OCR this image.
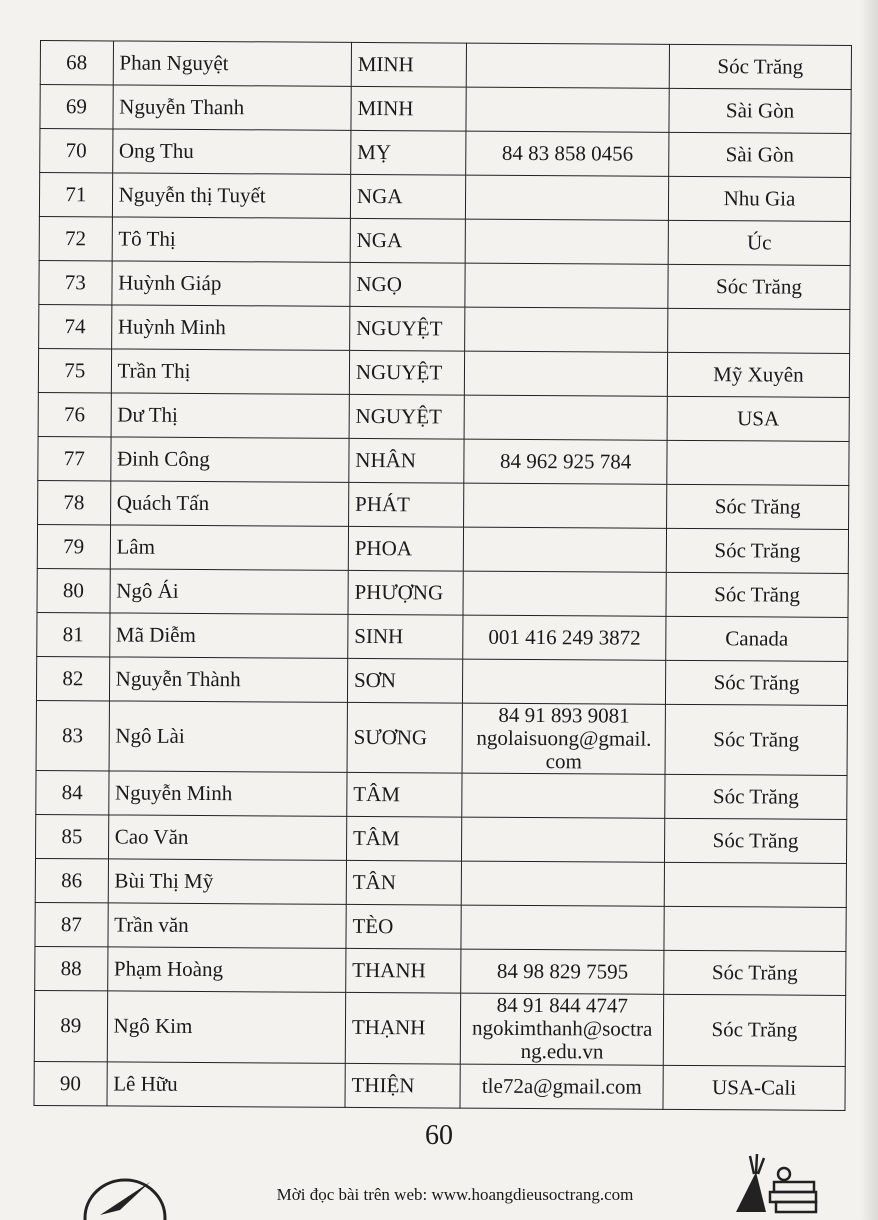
68	Phan Nguyệt	MINH		Sóc Trăng
69	Nguyễn Thanh	MINH		Sài Gòn
70	Ong Thu	MỴ	84 83 858 0456	Sài Gòn
71	Nguyễn thị Tuyết	NGA		Nhu Gia
72	Tô Thị	NGA		Úc
73	Huỳnh Giáp	NGỌ		Sóc Trăng
74	Huỳnh Minh	NGUYỆT		
75	Trần Thị	NGUYỆT		Mỹ Xuyên
76	Dư Thị	NGUYỆT		USA
77	Đinh Công	NHÂN	84 962 925 784	

78	Quách Tấn	PHÁT		Sóc Trăng
79	Lâm	PHOA		Sóc Trăng
80	Ngô Ái	PHƯỢNG		Sóc Trăng
81	Mã Diễm	SINH	001 416 249 3872	Canada
82	Nguyễn Thành	SƠN		Sóc Trăng
83	Ngô Lài	SƯƠNG	84 91 893 9081
ngolaisuong@gmail.
com	Sóc Trăng
84	Nguyễn Minh	TÂM		Sóc Trăng
85	Cao Văn	TÂM		Sóc Trăng
86	Bùi Thị Mỹ	TÂN		
87	Trần văn	TÈO		
88	Phạm Hoàng	THANH	84 98 829 7595	Sóc Trăng
89	Ngô Kim	THẠNH	84 91 844 4747
ngokimthanh@soctra
ng.edu.vn	Sóc Trăng
90	Lê Hữu	THIỆN	tle72a@gmail.com	USA-Cali
60
Mời đọc bài trên web: www.hoangdieusoctrang.com
